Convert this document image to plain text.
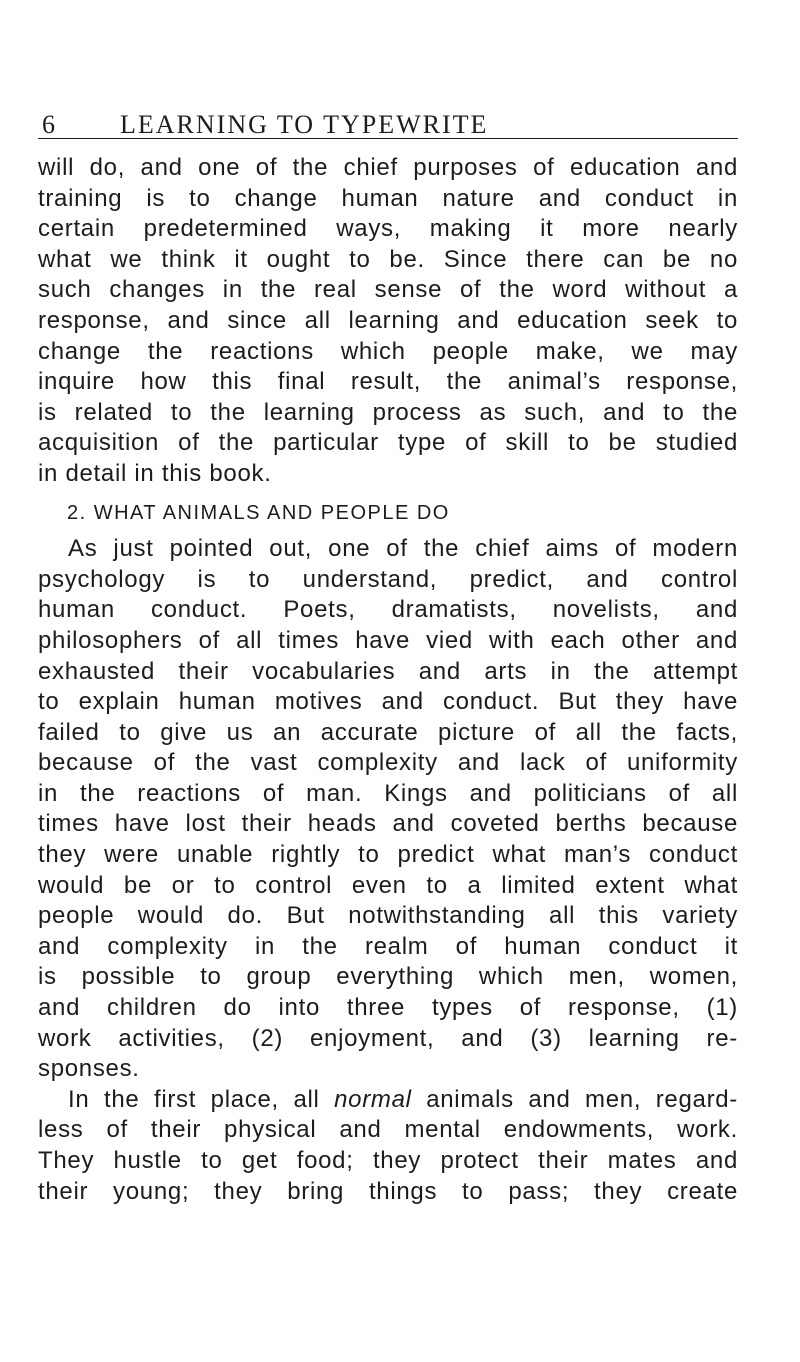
6 LEARNING TO TYPEWRITE
will do, and one of the chief purposes of education and
training is to change human nature and conduct in
certain predetermined ways, making it more nearly
what we think it ought to be. Since there can be no
such changes in the real sense of the word without a
response, and since all learning and education seek to
change the reactions which people make, we may
inquire how this final result, the animal’s response,
is related to the learning process as such, and to the
acquisition of the particular type of skill to be studied
in detail in this book.
2. WHAT ANIMALS AND PEOPLE DO
As just pointed out, one of the chief aims of modern
psychology is to understand, predict, and control
human conduct. Poets, dramatists, novelists, and
philosophers of all times have vied with each other and
exhausted their vocabularies and arts in the attempt
to explain human motives and conduct. But they have
failed to give us an accurate picture of all the facts,
because of the vast complexity and lack of uniformity
in the reactions of man. Kings and politicians of all
times have lost their heads and coveted berths because
they were unable rightly to predict what man’s conduct
would be or to control even to a limited extent what
people would do. But notwithstanding all this variety
and complexity in the realm of human conduct it
is possible to group everything which men, women,
and children do into three types of response, (1)
work activities, (2) enjoyment, and (3) learning re-
sponses.
In the first place, all normal animals and men, regard-
less of their physical and mental endowments, work.
They hustle to get food; they protect their mates and
their young; they bring things to pass; they create
